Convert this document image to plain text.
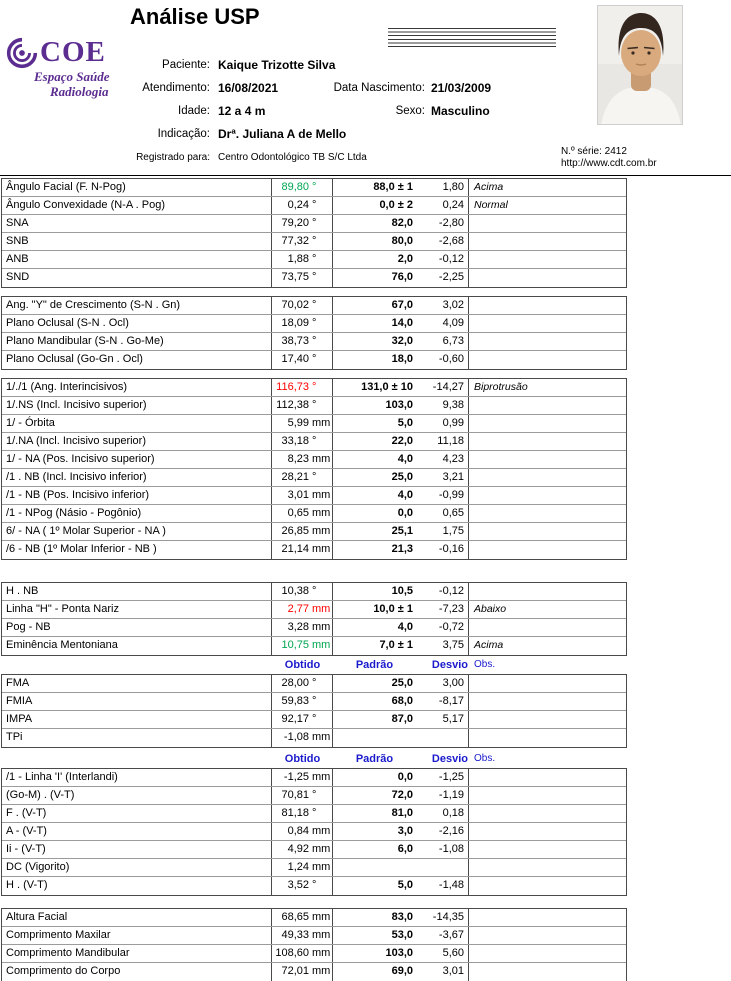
Análise USP
COE
Espaço Saúde
Radiologia
Paciente: Kaique Trizotte Silva
Atendimento: 16/08/2021	Data Nascimento: 21/03/2009
Idade: 12 a 4 m	Sexo: Masculino
Indicação: Drª. Juliana A de Mello
Registrado para: Centro Odontológico TB S/C Ltda
N.º série: 2412
http://www.cdt.com.br
Ângulo Facial (F. N-Pog)	89,80 °	88,0 ± 1	1,80 Acima
Ângulo Convexidade (N-A . Pog)	0,24 °	0,0 ± 2	0,24 Normal
SNA	79,20 °	82,0	-2,80
SNB	77,32 °	80,0	-2,68
ANB	1,88 °	2,0	-0,12
SND	73,75 °	76,0	-2,25
Ang. "Y" de Crescimento (S-N . Gn)	70,02 °	67,0	3,02
Plano Oclusal (S-N . Ocl)	18,09 °	14,0	4,09
Plano Mandibular (S-N . Go-Me)	38,73 °	32,0	6,73
Plano Oclusal (Go-Gn . Ocl)	17,40 °	18,0	-0,60
1/./1 (Ang. Interincisivos)	116,73 °	131,0 ± 10	-14,27 Biprotrusão
1/.NS (Incl. Incisivo superior)	112,38 °	103,0	9,38
1/ - Órbita	5,99 mm	5,0	0,99
1/.NA (Incl. Incisivo superior)	33,18 °	22,0	11,18
1/ - NA (Pos. Incisivo superior)	8,23 mm	4,0	4,23
/1 . NB (Incl. Incisivo inferior)	28,21 °	25,0	3,21
/1 - NB (Pos. Incisivo inferior)	3,01 mm	4,0	-0,99
/1 - NPog (Násio - Pogônio)	0,65 mm	0,0	0,65
6/ - NA ( 1º Molar Superior - NA )	26,85 mm	25,1	1,75
/6 - NB (1º Molar Inferior - NB )	21,14 mm	21,3	-0,16
H . NB	10,38 °	10,5	-0,12
Linha "H" - Ponta Nariz	2,77 mm	10,0 ± 1	-7,23 Abaixo
Pog - NB	3,28 mm	4,0	-0,72
Eminência Mentoniana	10,75 mm	7,0 ± 1	3,75 Acima
Obtido	Padrão	Desvio Obs.
FMA	28,00 °	25,0	3,00
FMIA	59,83 °	68,0	-8,17
IMPA	92,17 °	87,0	5,17
TPi	-1,08 mm
Obtido	Padrão	Desvio Obs.
/1 - Linha 'I' (Interlandi)	-1,25 mm	0,0	-1,25
(Go-M) . (V-T)	70,81 °	72,0	-1,19
F . (V-T)	81,18 °	81,0	0,18
A - (V-T)	0,84 mm	3,0	-2,16
Ii - (V-T)	4,92 mm	6,0	-1,08
DC (Vigorito)	1,24 mm
H . (V-T)	3,52 °	5,0	-1,48
Altura Facial	68,65 mm	83,0	-14,35
Comprimento Maxilar	49,33 mm	53,0	-3,67
Comprimento Mandibular	108,60 mm	103,0	5,60
Comprimento do Corpo	72,01 mm	69,0	3,01
